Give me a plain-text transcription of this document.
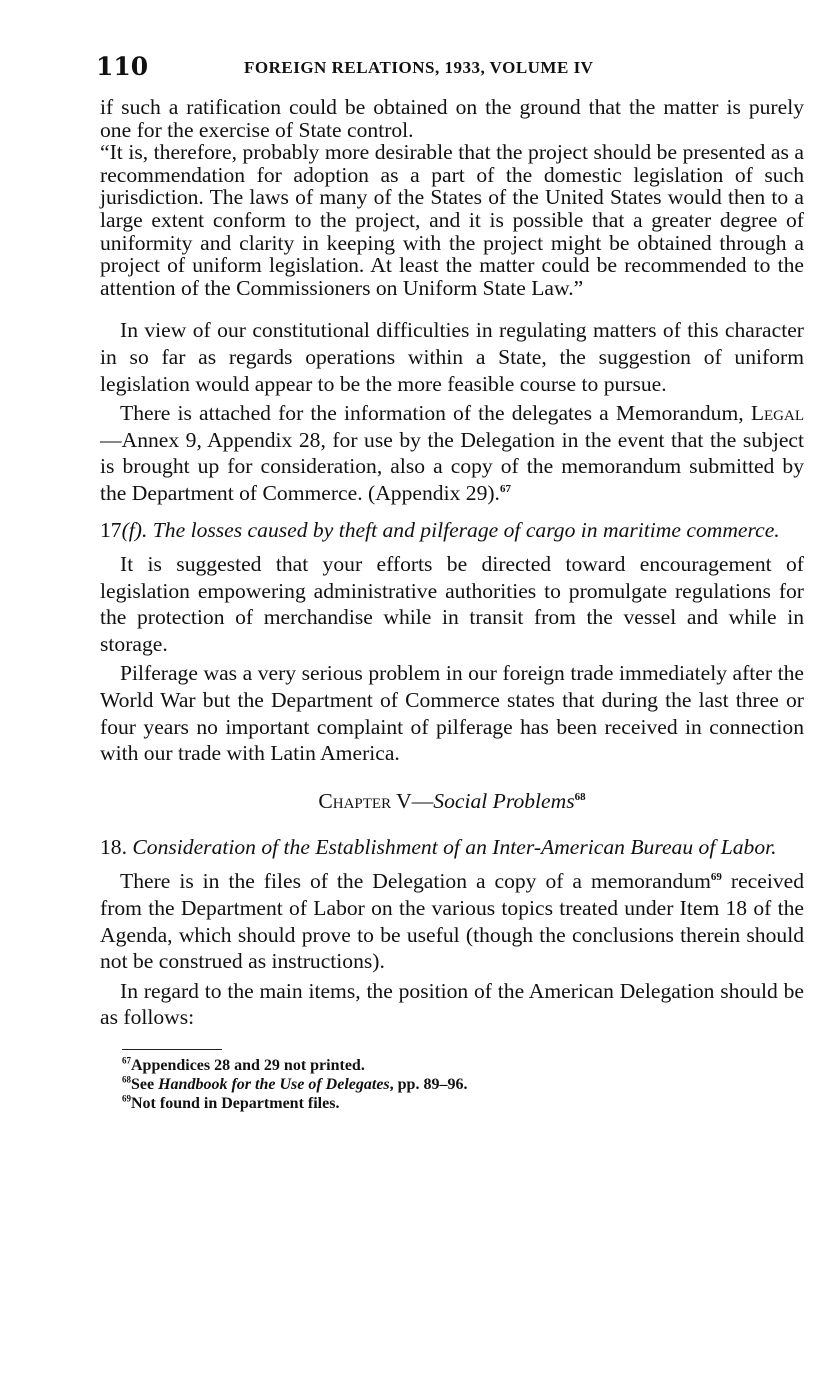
110	FOREIGN RELATIONS, 1933, VOLUME IV

if such a ratification could be obtained on the ground that the matter is purely one for the exercise of State control.

“It is, therefore, probably more desirable that the project should be presented as a recommendation for adoption as a part of the domestic legislation of such jurisdiction. The laws of many of the States of the United States would then to a large extent conform to the project, and it is possible that a greater degree of uniformity and clarity in keeping with the project might be obtained through a project of uniform legislation. At least the matter could be recommended to the attention of the Commissioners on Uniform State Law.”

In view of our constitutional difficulties in regulating matters of this character in so far as regards operations within a State, the suggestion of uniform legislation would appear to be the more feasible course to pursue.

There is attached for the information of the delegates a Memorandum, Legal—Annex 9, Appendix 28, for use by the Delegation in the event that the subject is brought up for consideration, also a copy of the memorandum submitted by the Department of Commerce. (Appendix 29).$^{67}$

17(f). The losses caused by theft and pilferage of cargo in maritime commerce.

It is suggested that your efforts be directed toward encouragement of legislation empowering administrative authorities to promulgate regulations for the protection of merchandise while in transit from the vessel and while in storage.

Pilferage was a very serious problem in our foreign trade immediately after the World War but the Department of Commerce states that during the last three or four years no important complaint of pilferage has been received in connection with our trade with Latin America.

Chapter V—Social Problems$^{68}$
18. Consideration of the Establishment of an Inter-American Bureau of Labor.

There is in the files of the Delegation a copy of a memorandum$^{69}$ received from the Department of Labor on the various topics treated under Item 18 of the Agenda, which should prove to be useful (though the conclusions therein should not be construed as instructions).

In regard to the main items, the position of the American Delegation should be as follows:

$^{67}$Appendices 28 and 29 not printed.
$^{68}$See Handbook for the Use of Delegates, pp. 89–96.
$^{69}$Not found in Department files.
